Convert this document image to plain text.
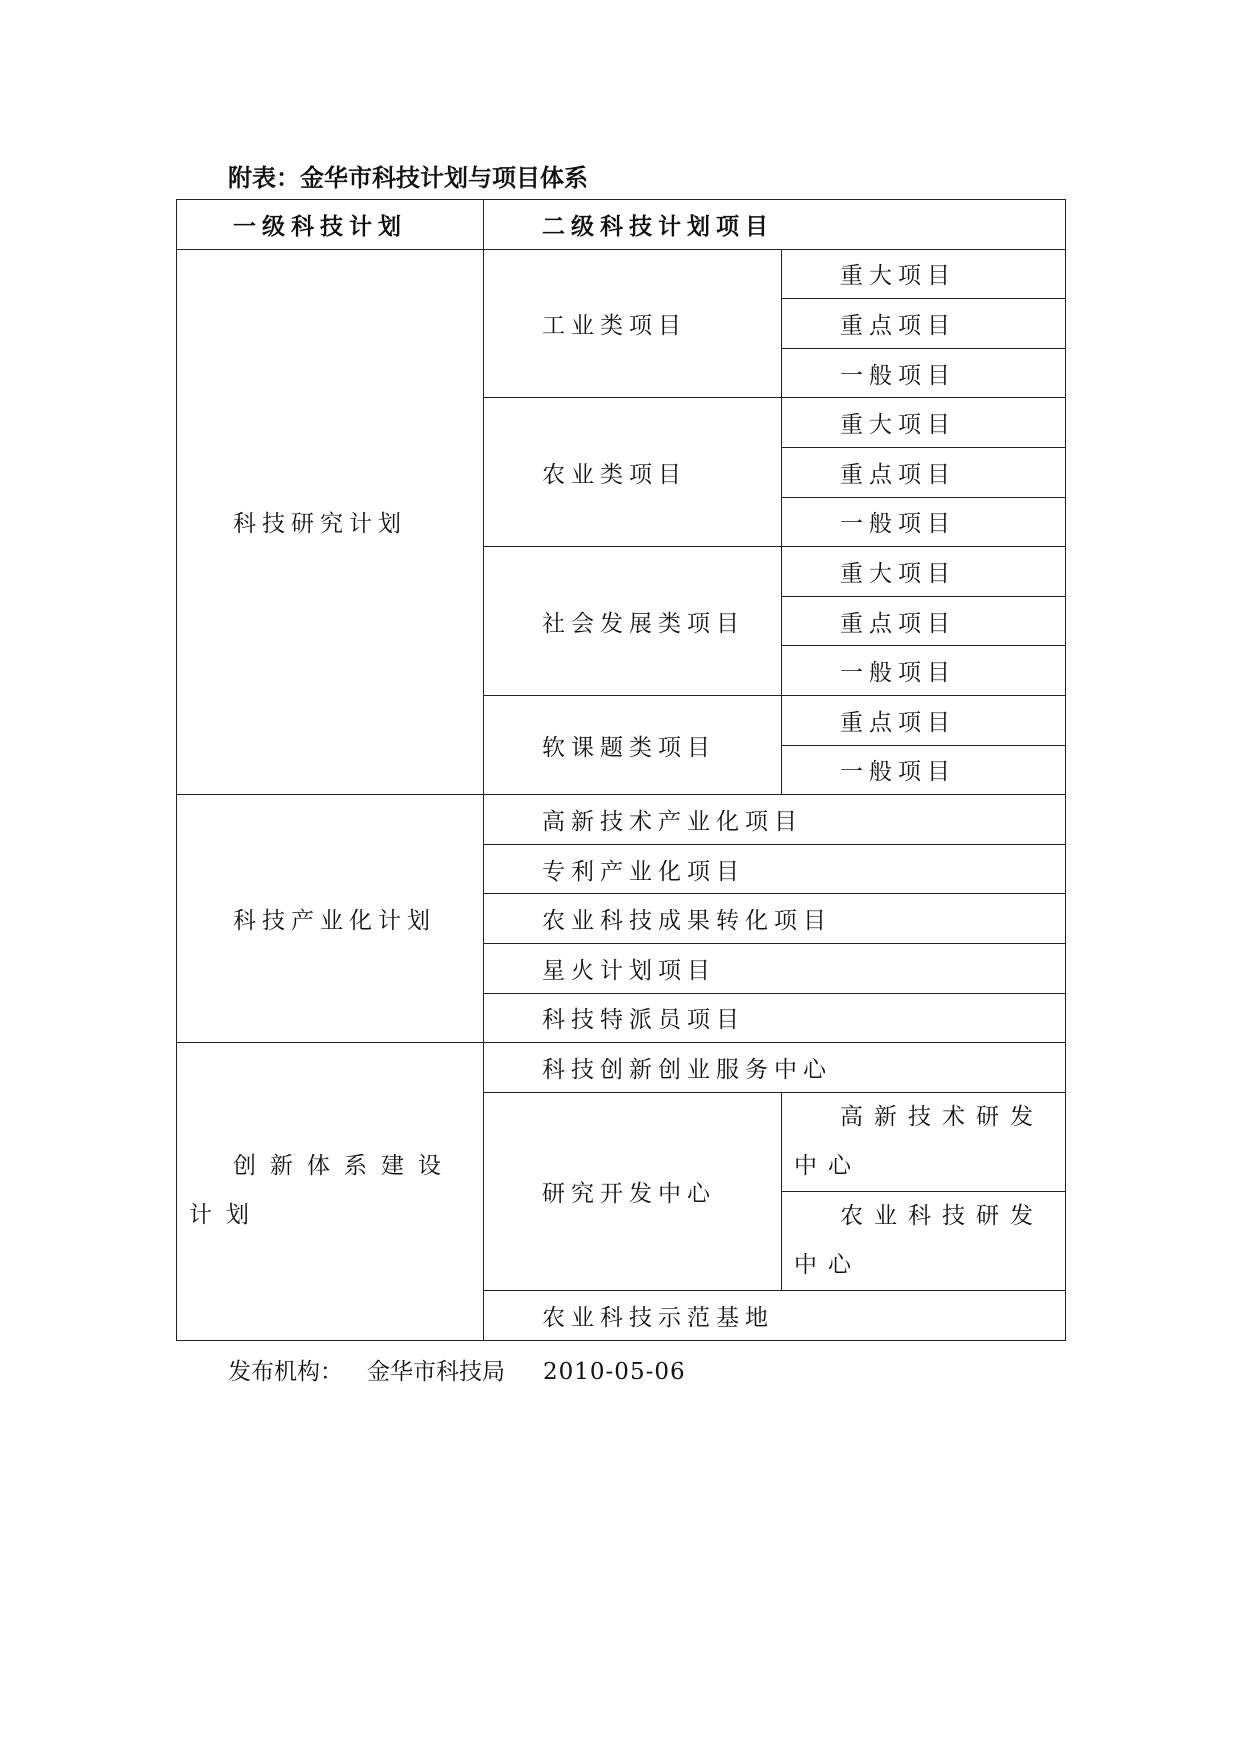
附表：金华市科技计划与项目体系
一级科技计划	二级科技计划项目	
科技研究计划	工业类项目	重大项目
		重点项目
		一般项目
	农业类项目	重大项目
		重点项目
		一般项目
	社会发展类项目	重大项目
		重点项目
		一般项目
	软课题类项目	重点项目
		一般项目
科技产业化计划	高新技术产业化项目	
	专利产业化项目	
	农业科技成果转化项目	
	星火计划项目	
	科技特派员项目	
创新体系建设计划	科技创新创业服务中心	
	研究开发中心	高新技术研发中心

		农业科技研发中心

	农业科技示范基地	
发布机构： 金华市科技局 2010-05-06
